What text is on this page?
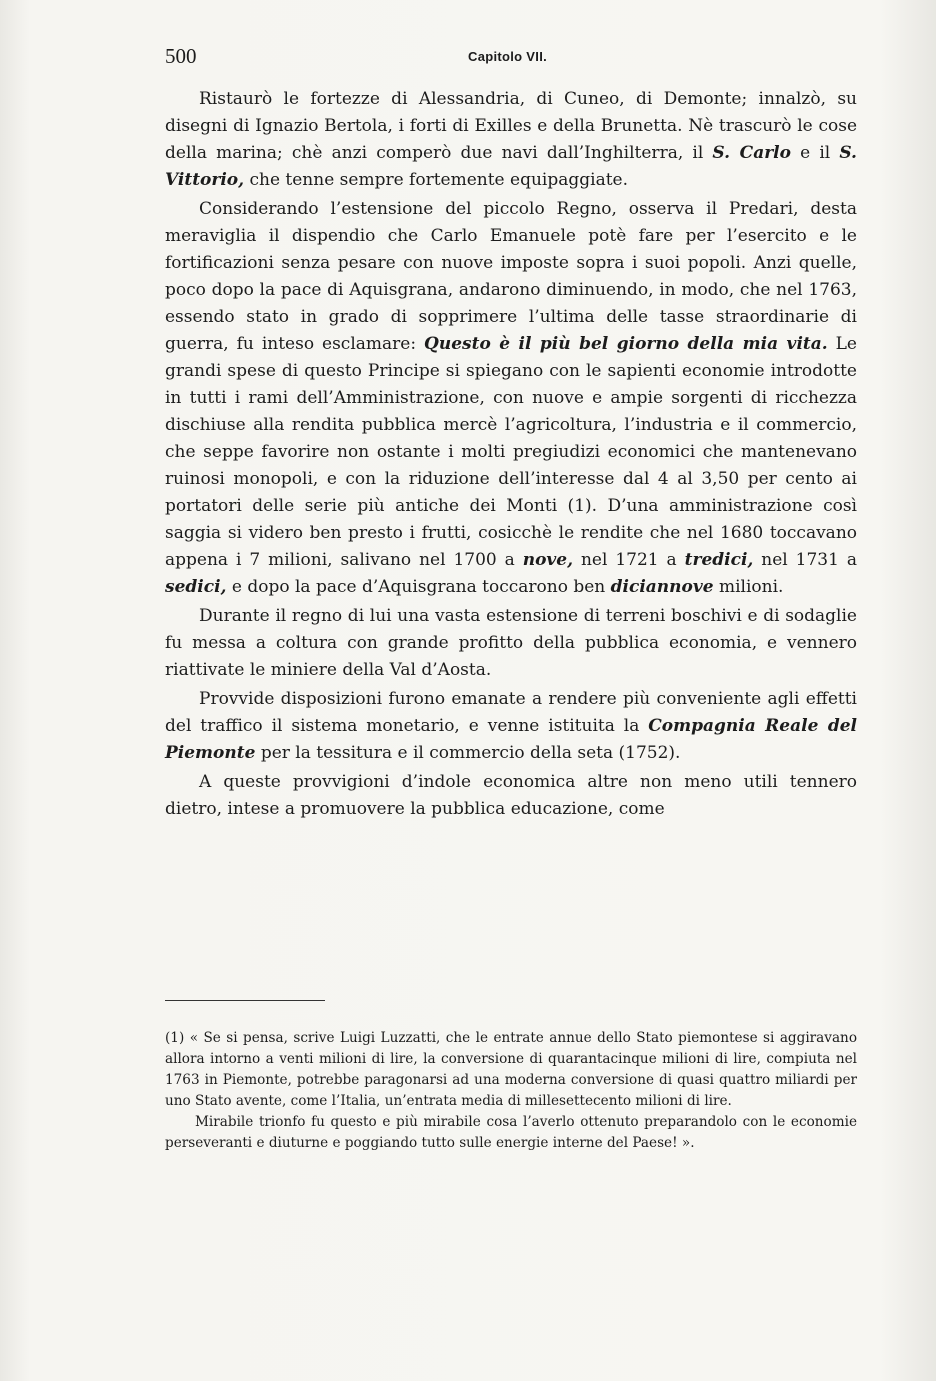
500	Capitolo VII.

Ristaurò le fortezze di Alessandria, di Cuneo, di Demonte; innalzò, su disegni di Ignazio Bertola, i forti di Exilles e della Brunetta. Nè trascurò le cose della marina; chè anzi comperò due navi dall’Inghilterra, il S. Carlo e il S. Vittorio, che tenne sempre fortemente equipaggiate.

Considerando l’estensione del piccolo Regno, osserva il Predari, desta meraviglia il dispendio che Carlo Emanuele potè fare per l’esercito e le fortificazioni senza pesare con nuove imposte sopra i suoi popoli. Anzi quelle, poco dopo la pace di Aquisgrana, andarono diminuendo, in modo, che nel 1763, essendo stato in grado di sopprimere l’ultima delle tasse straordinarie di guerra, fu inteso esclamare: Questo è il più bel giorno della mia vita. Le grandi spese di questo Principe si spiegano con le sapienti economie introdotte in tutti i rami dell’Amministrazione, con nuove e ampie sorgenti di ricchezza dischiuse alla rendita pubblica mercè l’agricoltura, l’industria e il commercio, che seppe favorire non ostante i molti pregiudizi economici che mantenevano ruinosi monopoli, e con la riduzione dell’interesse dal 4 al 3,50 per cento ai portatori delle serie più antiche dei Monti (1). D’una amministrazione così saggia si videro ben presto i frutti, cosicchè le rendite che nel 1680 toccavano appena i 7 milioni, salivano nel 1700 a nove, nel 1721 a tredici, nel 1731 a sedici, e dopo la pace d’Aquisgrana toccarono ben diciannove milioni.

Durante il regno di lui una vasta estensione di terreni boschivi e di sodaglie fu messa a coltura con grande profitto della pubblica economia, e vennero riattivate le miniere della Val d’Aosta.

Provvide disposizioni furono emanate a rendere più conveniente agli effetti del traffico il sistema monetario, e venne istituita la Compagnia Reale del Piemonte per la tessitura e il commercio della seta (1752).

A queste provvigioni d’indole economica altre non meno utili tennero dietro, intese a promuovere la pubblica educazione, come

(1) « Se si pensa, scrive Luigi Luzzatti, che le entrate annue dello Stato piemontese si aggiravano allora intorno a venti milioni di lire, la conversione di quarantacinque milioni di lire, compiuta nel 1763 in Piemonte, potrebbe paragonarsi ad una moderna conversione di quasi quattro miliardi per uno Stato avente, come l’Italia, un’entrata media di millesettecento milioni di lire.

Mirabile trionfo fu questo e più mirabile cosa l’averlo ottenuto preparandolo con le economie perseveranti e diuturne e poggiando tutto sulle energie interne del Paese! ».
